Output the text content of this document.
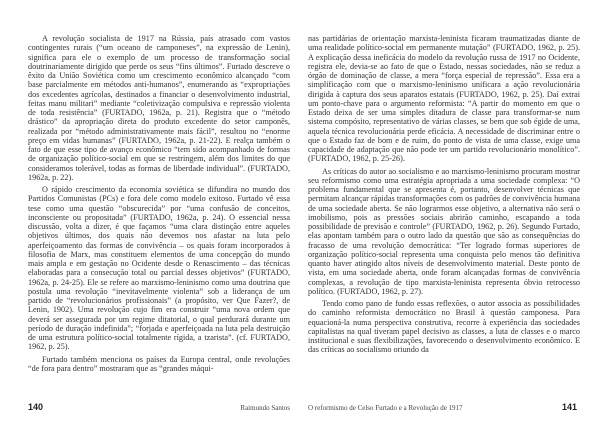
A revolução socialista de 1917 na Rússia, país atrasado com vastos contingentes rurais (“um oceano de camponeses”, na expressão de Lenin), significa para ele o exemplo de um processo de transformação social doutrinariamente dirigido que perde os seus “fins últimos”. Furtado descreve o êxito da União Soviética como um crescimento econômico alcançado “com base parcialmente em métodos anti-humanos”, enumerando as “expropriações dos excedentes agrícolas, destinados a financiar o desenvolvimento industrial, feitas manu militari” mediante “coletivização compulsiva e repressão violenta de toda resistência” (FURTADO, 1962a, p. 21). Registra que o “método drástico” da apropriação direta do produto excedente do setor camponês, realizada por “método administrativamente mais fácil”, resultou no “enorme preço em vidas humanas” (FURTADO, 1962a, p. 21-22). E realça também o fato de que esse tipo de avanço econômico “tem sido acompanhado de formas de organização político-social em que se restringem, além dos limites do que consideramos tolerável, todas as formas de liberdade individual”. (FURTADO, 1962a, p. 22).

O rápido crescimento da economia soviética se difundira no mundo dos Partidos Comunistas (PCs) e fora dele como modelo exitoso. Furtado vê essa tese como uma questão “obscurecida” por “uma confusão de conceitos, inconsciente ou propositada” (FURTADO, 1962a, p. 24). O essencial nessa discussão, volta a dizer, é que façamos “uma clara distinção entre aqueles objetivos últimos, dos quais não devemos nos afastar na luta pelo aperfeiçoamento das formas de convivência – os quais foram incorporados à filosofia de Marx, mas constituem elementos de uma concepção do mundo mais ampla e em gestação no Ocidente desde o Renascimento – das técnicas elaboradas para a consecução total ou parcial desses objetivos” (FURTADO, 1962a, p. 24-25). Ele se refere ao marxismo-leninismo como uma doutrina que postula uma revolução “inevitavelmente violenta” sob a liderança de um partido de “revolucionários profissionais” (a propósito, ver Que Fazer?, de Lenin, 1902). Uma revolução cujo fim era construir “uma nova ordem que deverá ser assegurada por um regime ditatorial, o qual perdurará durante um período de duração indefinida”; “forjada e aperfeiçoada na luta pela destruição de uma estrutura político-social totalmente rígida, a tzarista”. (cf. FURTADO, 1962, p. 25).

Furtado também menciona os países da Europa central, onde revoluções “de fora para dentro” mostraram que as “grandes máqui-

nas partidárias de orientação marxista-leninista ficaram traumatizadas diante de uma realidade político-social em permanente mutação” (FURTADO, 1962, p. 25). A explicação dessa ineficácia do modelo da revolução russa de 1917 no Ocidente, registra ele, devia-se ao fato de que o Estado, nessas sociedades, não se reduz a órgão de dominação de classe, a mera “força especial de repressão”. Essa era a simplificação com que o marxismo-leninismo unificara a ação revolucionária dirigida à captura dos seus aparatos estatais (FURTADO, 1962, p. 25). Daí extrai um ponto-chave para o argumento reformista: “A partir do momento em que o Estado deixa de ser uma simples ditadura de classe para transformar-se num sistema compósito, representativo de várias classes, se bem que sob égide de uma, aquela técnica revolucionária perde eficácia. A necessidade de discriminar entre o que o Estado faz de bom e de ruim, do ponto de vista de uma classe, exige uma capacidade de adaptação que não pode ter um partido revolucionário monolítico”. (FURTADO, 1962, p. 25-26).

As críticas do autor ao socialismo e ao marxismo-leninismo procuram mostrar seu reformismo como uma estratégia apropriada a uma sociedade complexa: “O problema fundamental que se apresenta é, portanto, desenvolver técnicas que permitam alcançar rápidas transformações com os padrões de convivência humana de uma sociedade aberta. Se não lograrmos esse objetivo, a alternativa não será o imobilismo, pois as pressões sociais abrirão caminho, escapando a toda possibilidade de previsão e controle” (FURTADO, 1962, p. 26). Segundo Furtado, elas apontam também para o outro lado da questão que são as consequências do fracasso de uma revolução democrática: “Ter logrado formas superiores de organização político-social representa uma conquista pelo menos tão definitiva quanto haver atingido altos níveis de desenvolvimento material. Deste ponto de vista, em uma sociedade aberta, onde foram alcançadas formas de convivência complexas, a revolução de tipo marxista-leninista representa óbvio retrocesso político. (FURTADO, 1962, p. 27).

Tendo como pano de fundo essas reflexões, o autor associa as possibilidades do caminho reformista democrático no Brasil à questão camponesa. Para equacioná-la numa perspectiva construtiva, recorre à experiência das sociedades capitalistas na qual tiveram papel decisivo as classes, a luta de classes e o marco institucional e suas flexibilizações, favorecendo o desenvolvimento econômico. E das críticas ao socialismo oriundo da

140	Raimundo Santos	O reformismo de Celso Furtado e a Revolução de 1917	141
